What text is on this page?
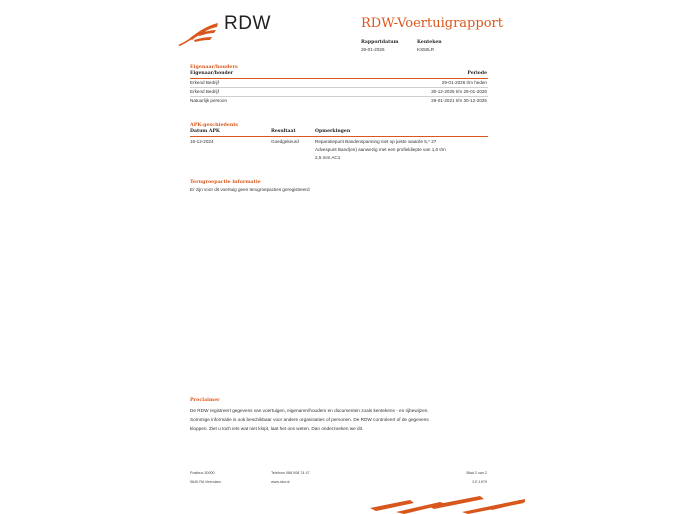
RDW	RDW-Voertuigrapport
Rapportdatum
29-01-2026
Kenteken
KS50LR
Eigenaar/houders
Eigenaar/houder	Periode
Erkend Bedrijf	29-01-2026 t/m heden
Erkend Bedrijf	30-12-2025 t/m 29-01-2026
Natuurlijk persoon	29-01-2021 t/m 30-12-2025
APK-geschiedenis
Datum APK	Resultaat	Opmerkingen
16-12-2024	Goedgekeurd	Reparatiepunt Bandenspanning niet op juiste waarde 5,* 27
Advespunt Band(en) aanwezig met een profieldiepte van 1,6 t/m
2,5 mm AC1
Terugroepactie informatie
Er zijn voor dit voertuig geen terugroepacties geregistreerd
Proclaimer
De RDW registreert gegevens van voertuigen, eigenaren/houders en documenten zoals kentekens - en rijbewijzen.
Sommige informatie is ook beschikbaar voor andere organisaties of personen. De RDW controleert of de gegevens
kloppen. Ziet u toch iets wat niet klopt, laat het ons weten. Dan onderzoeken we dit.
Postbus 30000
9640 RA Veendam
Telefoon 088 008 74 47
www.rdw.nl
Blad 2 van 2
2.E.1979
